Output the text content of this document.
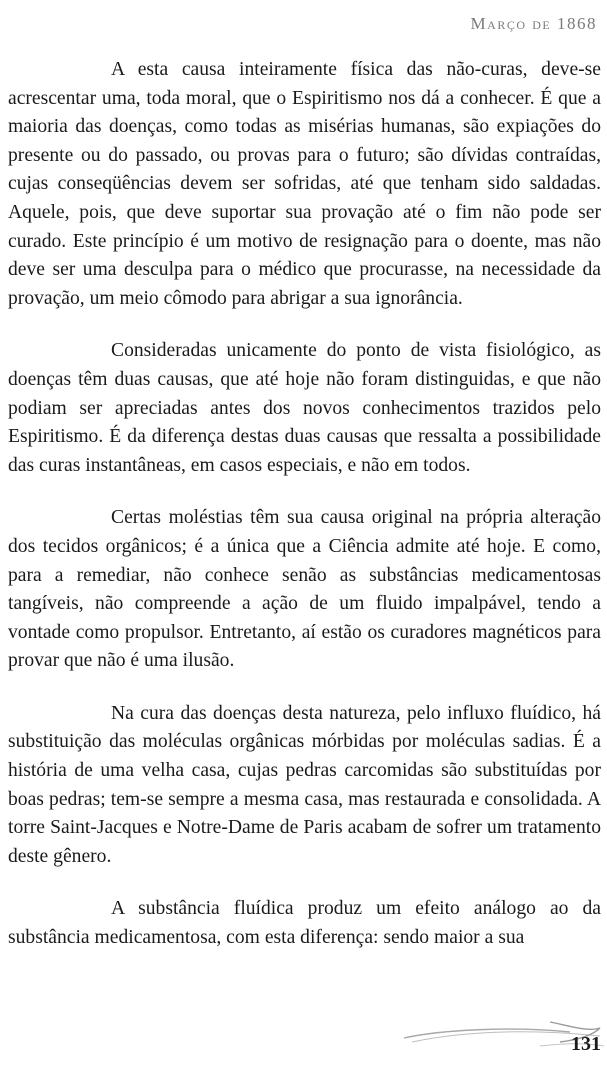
Março de 1868

A esta causa inteiramente física das não-curas, deve-se acrescentar uma, toda moral, que o Espiritismo nos dá a conhecer. É que a maioria das doenças, como todas as misérias humanas, são expiações do presente ou do passado, ou provas para o futuro; são dívidas contraídas, cujas conseqüências devem ser sofridas, até que tenham sido saldadas. Aquele, pois, que deve suportar sua provação até o fim não pode ser curado. Este princípio é um motivo de resignação para o doente, mas não deve ser uma desculpa para o médico que procurasse, na necessidade da provação, um meio cômodo para abrigar a sua ignorância.

Consideradas unicamente do ponto de vista fisiológico, as doenças têm duas causas, que até hoje não foram distinguidas, e que não podiam ser apreciadas antes dos novos conhecimentos trazidos pelo Espiritismo. É da diferença destas duas causas que ressalta a possibilidade das curas instantâneas, em casos especiais, e não em todos.

Certas moléstias têm sua causa original na própria alteração dos tecidos orgânicos; é a única que a Ciência admite até hoje. E como, para a remediar, não conhece senão as substâncias medicamentosas tangíveis, não compreende a ação de um fluido impalpável, tendo a vontade como propulsor. Entretanto, aí estão os curadores magnéticos para provar que não é uma ilusão.

Na cura das doenças desta natureza, pelo influxo fluídico, há substituição das moléculas orgânicas mórbidas por moléculas sadias. É a história de uma velha casa, cujas pedras carcomidas são substituídas por boas pedras; tem-se sempre a mesma casa, mas restaurada e consolidada. A torre Saint-Jacques e Notre-Dame de Paris acabam de sofrer um tratamento deste gênero.

A substância fluídica produz um efeito análogo ao da substância medicamentosa, com esta diferença: sendo maior a sua

131
